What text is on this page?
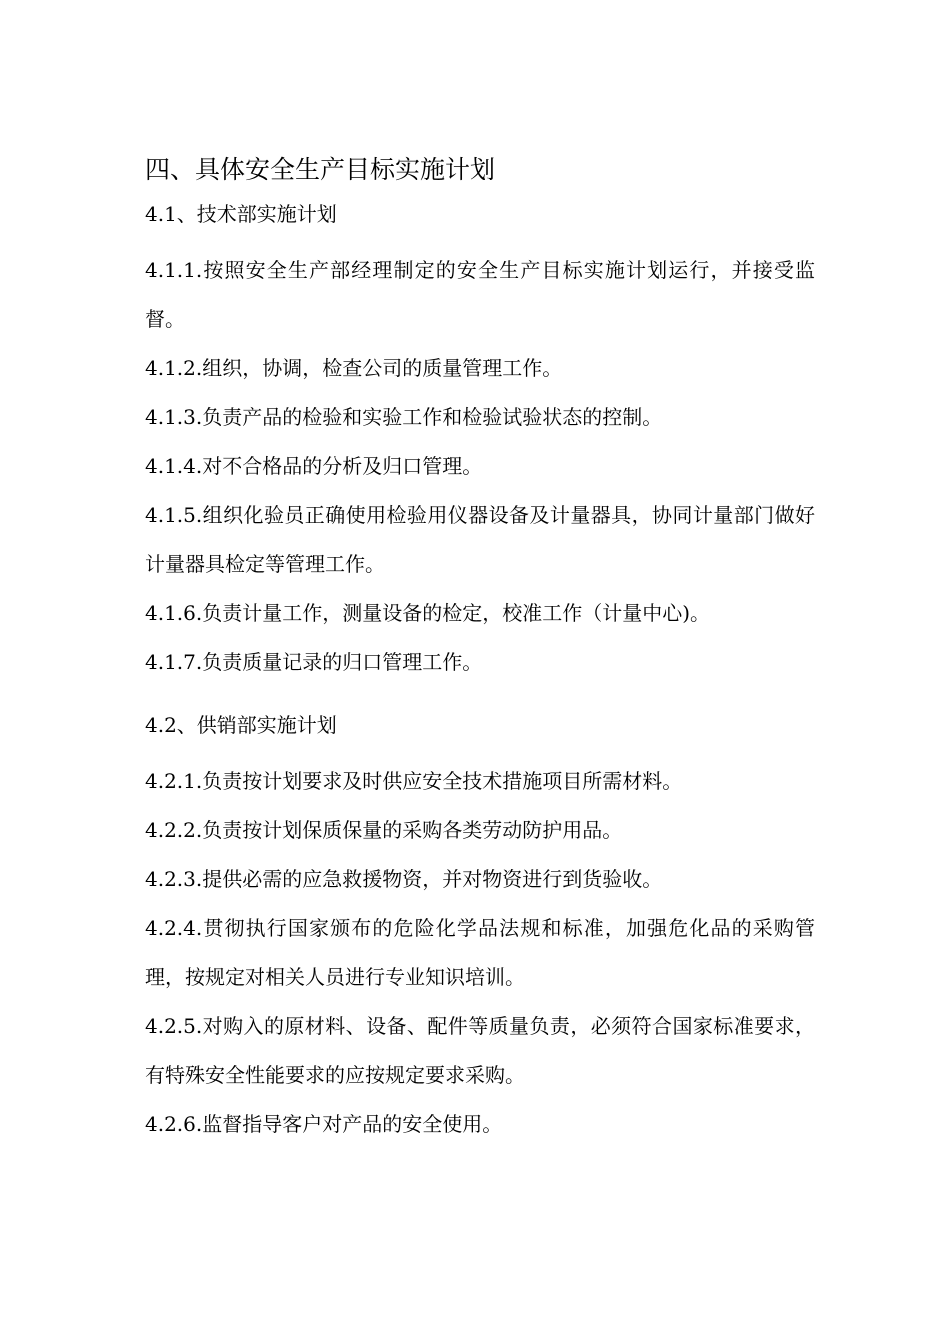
四、具体安全生产目标实施计划
4.1、技术部实施计划

4.1.1.按照安全生产部经理制定的安全生产目标实施计划运行，并接受监督。

4.1.2.组织，协调，检查公司的质量管理工作。

4.1.3.负责产品的检验和实验工作和检验试验状态的控制。

4.1.4.对不合格品的分析及归口管理。

4.1.5.组织化验员正确使用检验用仪器设备及计量器具，协同计量部门做好计量器具检定等管理工作。

4.1.6.负责计量工作，测量设备的检定，校准工作（计量中心)。

4.1.7.负责质量记录的归口管理工作。

4.2、供销部实施计划

4.2.1.负责按计划要求及时供应安全技术措施项目所需材料。

4.2.2.负责按计划保质保量的采购各类劳动防护用品。

4.2.3.提供必需的应急救援物资，并对物资进行到货验收。

4.2.4.贯彻执行国家颁布的危险化学品法规和标准，加强危化品的采购管理，按规定对相关人员进行专业知识培训。

4.2.5.对购入的原材料、设备、配件等质量负责，必须符合国家标准要求，有特殊安全性能要求的应按规定要求采购。

4.2.6.监督指导客户对产品的安全使用。
